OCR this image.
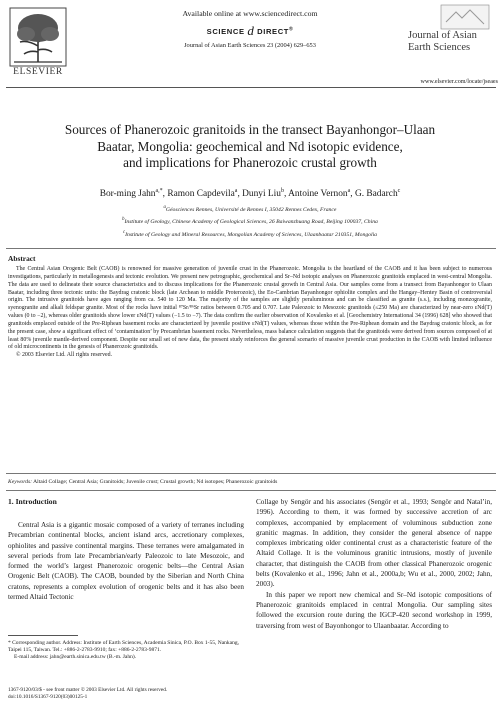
ELSEVIER
Available online at www.sciencedirect.com
SCIENCE d DIRECT®
Journal of Asian Earth Sciences 23 (2004) 629–653
Journal of Asian
Earth Sciences
www.elsevier.com/locate/jseaes
Sources of Phanerozoic granitoids in the transect Bayanhongor–Ulaan
Baatar, Mongolia: geochemical and Nd isotopic evidence,
and implications for Phanerozoic crustal growth
Bor-ming Jahn$^{a,*}$, Ramon Capdevila$^a$, Dunyi Liu$^b$, Antoine Vernon$^a$, G. Badarch$^c$
$^a$Géosciences Rennes, Université de Rennes I, 35042 Rennes Cedex, France
$^b$Institute of Geology, Chinese Academy of Geological Sciences, 26 Baiwanzhuang Road, Beijing 100037, China
$^c$Institute of Geology and Mineral Resources, Mongolian Academy of Sciences, Ulaanbaatar 210351, Mongolia
Abstract
The Central Asian Orogenic Belt (CAOB) is renowned for massive generation of juvenile crust in the Phanerozoic. Mongolia is the heartland of the CAOB and it has been subject to numerous investigations, particularly in metallogenesis and tectonic evolution. We present new petrographic, geochemical and Sr–Nd isotopic analyses on Phanerozoic granitoids emplaced in west-central Mongolia. The data are used to delineate their source characteristics and to discuss implications for the Phanerozoic crustal growth in Central Asia. Our samples come from a transect from Bayanhongor to Ulaan Baatar, including three tectonic units: the Baydrag cratonic block (late Archean to middle Proterozoic), the Eo-Cambrian Bayanhongor ophiolite complex and the Hangay–Hentey Basin of controversial origin. The intrusive granitoids have ages ranging from ca. 540 to 120 Ma. The majority of the samples are slightly peraluminous and can be classified as granite (s.s.), including monzogranite, syenogranite and alkali feldspar granite. Most of the rocks have initial ⁸⁷Sr/⁸⁶Sr ratios between 0.705 and 0.707. Late Paleozoic to Mesozoic granitoids (≤250 Ma) are characterized by near-zero εNd(T) values (0 to −2), whereas older granitoids show lower εNd(T) values (−1.5 to −7). The data confirm the earlier observation of Kovalenko et al. [Geochemistry International 34 (1996) 628] who showed that granitoids emplaced outside of the Pre-Riphean basement rocks are characterized by juvenile positive εNd(T) values, whereas those within the Pre-Riphean domain and the Baydrag cratonic block, as for the present case, show a significant effect of ‘contamination’ by Precambrian basement rocks. Nevertheless, mass balance calculation suggests that the granitoids were derived from sources composed of at least 80% juvenile mantle-derived component. Despite our small set of new data, the present study reinforces the general scenario of massive juvenile crust production in the CAOB with limited influence of old microcontinents in the genesis of Phanerozoic granitoids.
© 2003 Elsevier Ltd. All rights reserved.
Keywords: Altaid Collage; Central Asia; Granitoids; Juvenile crust; Crustal growth; Nd isotopes; Phanerozoic granitoids
1. Introduction

Central Asia is a gigantic mosaic composed of a variety of terranes including Precambrian continental blocks, ancient island arcs, accretionary complexes, ophiolites and passive continental margins. These terranes were amalgamated in several periods from late Precambrian/early Paleozoic to late Mesozoic, and formed the world’s largest Phanerozoic orogenic belts—the Central Asian Orogenic Belt (CAOB). The CAOB, bounded by the Siberian and North China cratons, represents a complex evolution of orogenic belts and it has also been termed Altaid Tectonic

Collage by Sengör and his associates (Sengör et al., 1993; Sengör and Natal’in, 1996). According to them, it was formed by successive accretion of arc complexes, accompanied by emplacement of voluminous subduction zone granitic magmas. In addition, they consider the general absence of nappe complexes imbricating older continental crust as a characteristic feature of the Altaid Collage. It is the voluminous granitic intrusions, mostly of juvenile character, that distinguish the CAOB from other classical Phanerozoic orogenic belts (Kovalenko et al., 1996; Jahn et al., 2000a,b; Wu et al., 2000, 2002; Jahn, 2003).

In this paper we report new chemical and Sr–Nd isotopic compositions of Phanerozoic granitoids emplaced in central Mongolia. Our sampling sites followed the excursion route during the IGCP-420 second workshop in 1999, traversing from west of Bayonhongor to Ulaanbaatar. According to

* Corresponding author. Address: Institute of Earth Sciences, Academia Sinica, P.O. Box 1-55, Nankang, Taipei 115, Taiwan. Tel.: +886-2-2783-9910; fax: +886-2-2783-9871.
E-mail address: jahn@earth.sinica.edu.tw (B.-m. Jahn).
1367-9120/03/$ - see front matter © 2003 Elsevier Ltd. All rights reserved.
doi:10.1016/S1367-9120(03)00125-1
